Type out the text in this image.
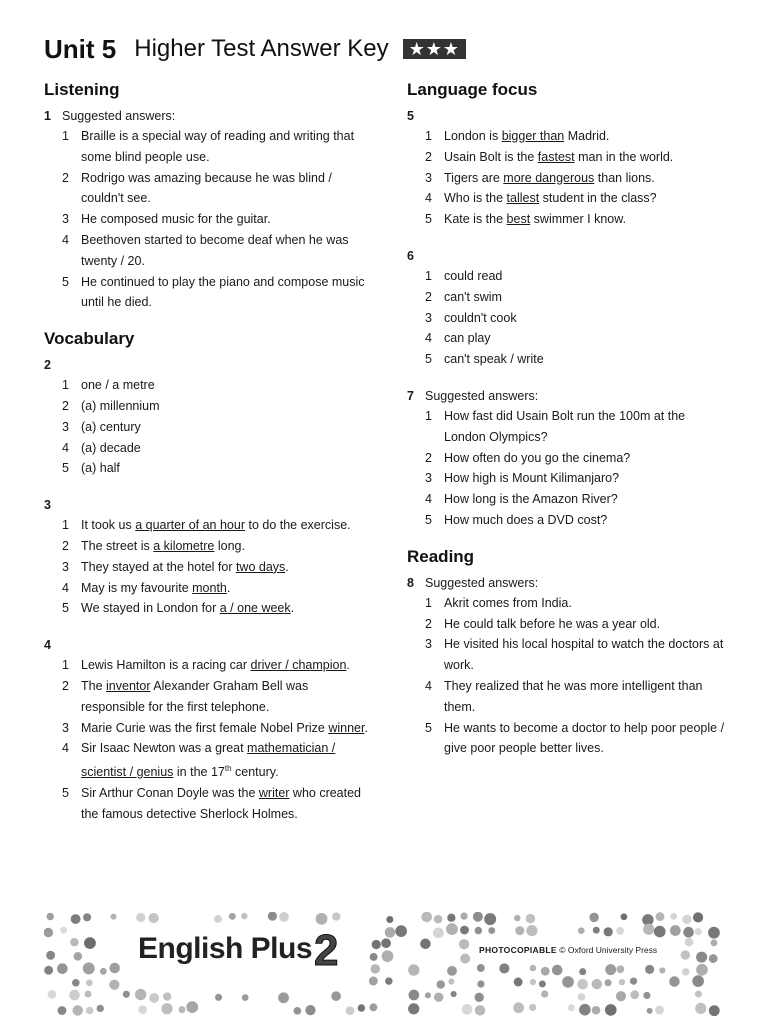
Unit 5 Higher Test Answer Key	★★★
Listening
1 Suggested answers:
1 Braille is a special way of reading and writing that some blind people use.
2 Rodrigo was amazing because he was blind / couldn't see.
3 He composed music for the guitar.
4 Beethoven started to become deaf when he was twenty / 20.
5 He continued to play the piano and compose music until he died.
Vocabulary
2
1 one / a metre
2 (a) millennium
3 (a) century
4 (a) decade
5 (a) half
3
1 It took us a quarter of an hour to do the exercise.
2 The street is a kilometre long.
3 They stayed at the hotel for two days.
4 May is my favourite month.
5 We stayed in London for a / one week.
4
1 Lewis Hamilton is a racing car driver / champion.
2 The inventor Alexander Graham Bell was responsible for the first telephone.
3 Marie Curie was the first female Nobel Prize winner.
4 Sir Isaac Newton was a great mathematician / scientist / genius in the 17th century.
5 Sir Arthur Conan Doyle was the writer who created the famous detective Sherlock Holmes.
Language focus
5
1 London is bigger than Madrid.
2 Usain Bolt is the fastest man in the world.
3 Tigers are more dangerous than lions.
4 Who is the tallest student in the class?
5 Kate is the best swimmer I know.
6
1 could read
2 can't swim
3 couldn't cook
4 can play
5 can't speak / write
7 Suggested answers:
1 How fast did Usain Bolt run the 100m at the London Olympics?
2 How often do you go the cinema?
3 How high is Mount Kilimanjaro?
4 How long is the Amazon River?
5 How much does a DVD cost?
Reading
8 Suggested answers:
1 Akrit comes from India.
2 He could talk before he was a year old.
3 He visited his local hospital to watch the doctors at work.
4 They realized that he was more intelligent than them.
5 He wants to become a doctor to help poor people / give poor people better lives.
English Plus 2	PHOTOCOPIABLE © Oxford University Press
